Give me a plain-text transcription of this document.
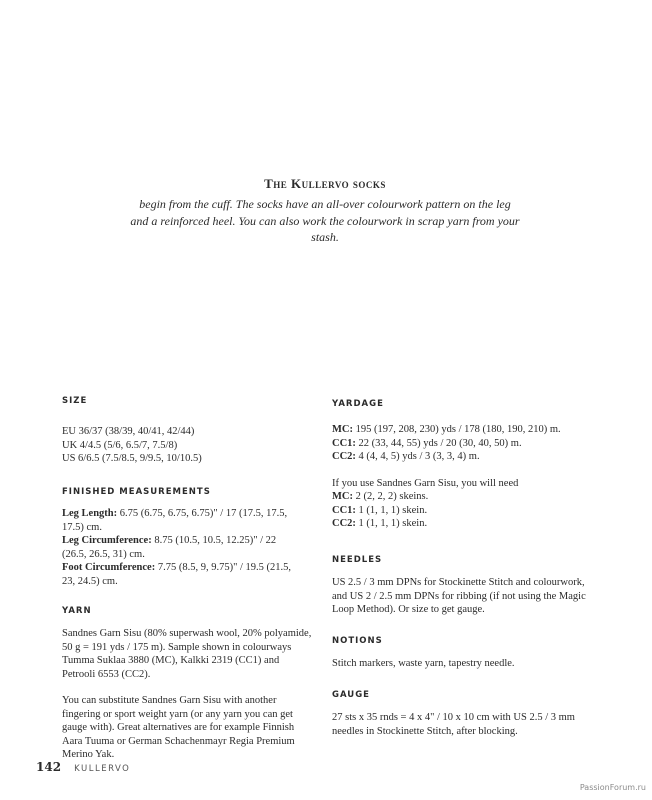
The Kullervo socks
begin from the cuff. The socks have an all-over colourwork pattern on the leg and a reinforced heel. You can also work the colourwork in scrap yarn from your stash.
SIZE
EU 36/37 (38/39, 40/41, 42/44)
UK 4/4.5 (5/6, 6.5/7, 7.5/8)
US 6/6.5 (7.5/8.5, 9/9.5, 10/10.5)
FINISHED MEASUREMENTS
Leg Length: 6.75 (6.75, 6.75, 6.75)" / 17 (17.5, 17.5, 17.5) cm.
Leg Circumference: 8.75 (10.5, 10.5, 12.25)" / 22 (26.5, 26.5, 31) cm.
Foot Circumference: 7.75 (8.5, 9, 9.75)" / 19.5 (21.5, 23, 24.5) cm.
YARN
Sandnes Garn Sisu (80% superwash wool, 20% polyamide, 50 g = 191 yds / 175 m). Sample shown in colourways Tumma Suklaa 3880 (MC), Kalkki 2319 (CC1) and Petrooli 6553 (CC2).
You can substitute Sandnes Garn Sisu with another fingering or sport weight yarn (or any yarn you can get gauge with). Great alternatives are for example Finnish Aara Tuuma or German Schachenmayr Regia Premium Merino Yak.
YARDAGE
MC: 195 (197, 208, 230) yds / 178 (180, 190, 210) m.
CC1: 22 (33, 44, 55) yds / 20 (30, 40, 50) m.
CC2: 4 (4, 4, 5) yds / 3 (3, 3, 4) m.
If you use Sandnes Garn Sisu, you will need
MC: 2 (2, 2, 2) skeins.
CC1: 1 (1, 1, 1) skein.
CC2: 1 (1, 1, 1) skein.
NEEDLES
US 2.5 / 3 mm DPNs for Stockinette Stitch and colourwork, and US 2 / 2.5 mm DPNs for ribbing (if not using the Magic Loop Method). Or size to get gauge.
NOTIONS
Stitch markers, waste yarn, tapestry needle.
GAUGE
27 sts x 35 rnds = 4 x 4" / 10 x 10 cm with US 2.5 / 3 mm needles in Stockinette Stitch, after blocking.
142 KULLERVO
PassionForum.ru
